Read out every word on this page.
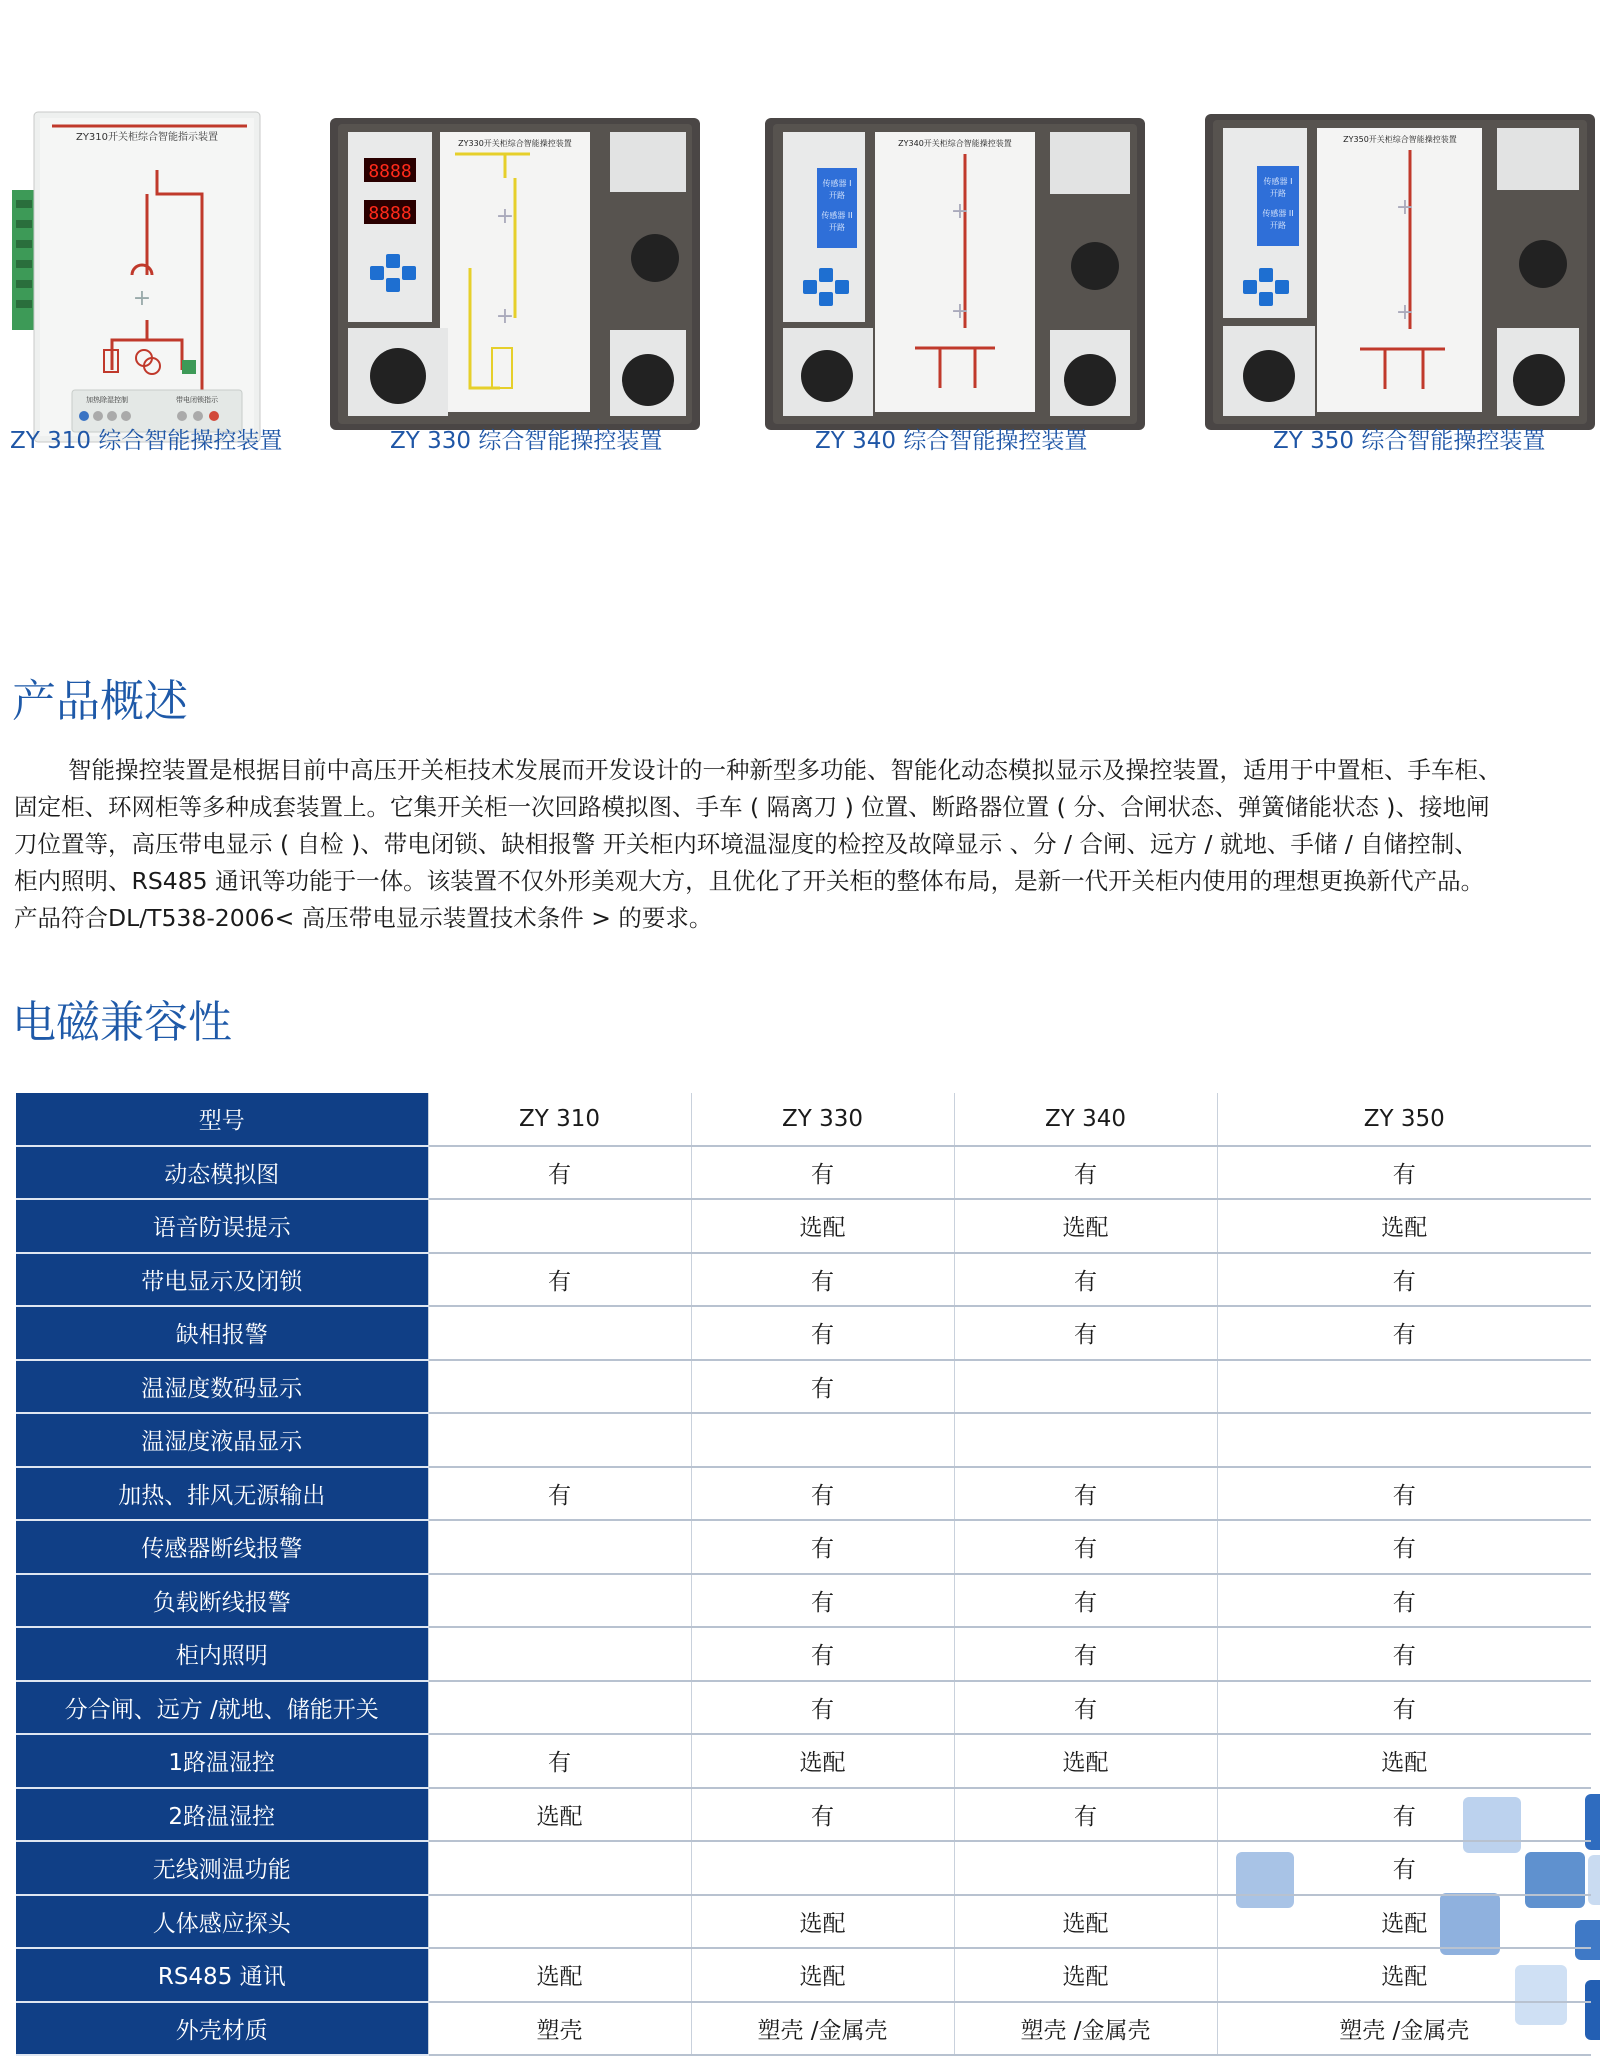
ZY310开关柜综合智能指示装置
+
加热除湿控制	带电闭锁指示
8888
8888
ZY330开关柜综合智能操控装置
+
+
传感器 I
开路
传感器 II
开路
ZY340开关柜综合智能操控装置
+
+
传感器 I
开路
传感器 II
开路
ZY350开关柜综合智能操控装置
+
+
ZY 310 综合智能操控装置	ZY 330 综合智能操控装置	ZY 340 综合智能操控装置	ZY 350 综合智能操控装置
产品概述

智能操控装置是根据目前中高压开关柜技术发展而开发设计的一种新型多功能、智能化动态模拟显示及操控装置，适用于中置柜、手车柜、
固定柜、环网柜等多种成套装置上。它集开关柜一次回路模拟图、手车 ( 隔离刀 ) 位置、断路器位置 ( 分、合闸状态、弹簧储能状态 )、接地闸
刀位置等，高压带电显示 ( 自检 )、带电闭锁、缺相报警 开关柜内环境温湿度的检控及故障显示 、分 / 合闸、远方 / 就地、手储 / 自储控制、
柜内照明、RS485 通讯等功能于一体。该装置不仅外形美观大方，且优化了开关柜的整体布局，是新一代开关柜内使用的理想更换新代产品。
产品符合DL/T538-2006< 高压带电显示装置技术条件 > 的要求。

电磁兼容性
型号	ZY 310	ZY 330	ZY 340	ZY 350
动态模拟图	有	有	有	有
语音防误提示		选配	选配	选配
带电显示及闭锁	有	有	有	有
缺相报警		有	有	有
温湿度数码显示		有		
温湿度液晶显示				
加热、排风无源输出	有	有	有	有
传感器断线报警		有	有	有
负载断线报警		有	有	有
柜内照明		有	有	有
分合闸、远方 /就地、储能开关		有	有	有
1路温湿控	有	选配	选配	选配
2路温湿控	选配	有	有	有
无线测温功能				有
人体感应探头		选配	选配	选配
RS485 通讯	选配	选配	选配	选配
外壳材质	塑壳	塑壳 /金属壳	塑壳 /金属壳	塑壳 /金属壳
